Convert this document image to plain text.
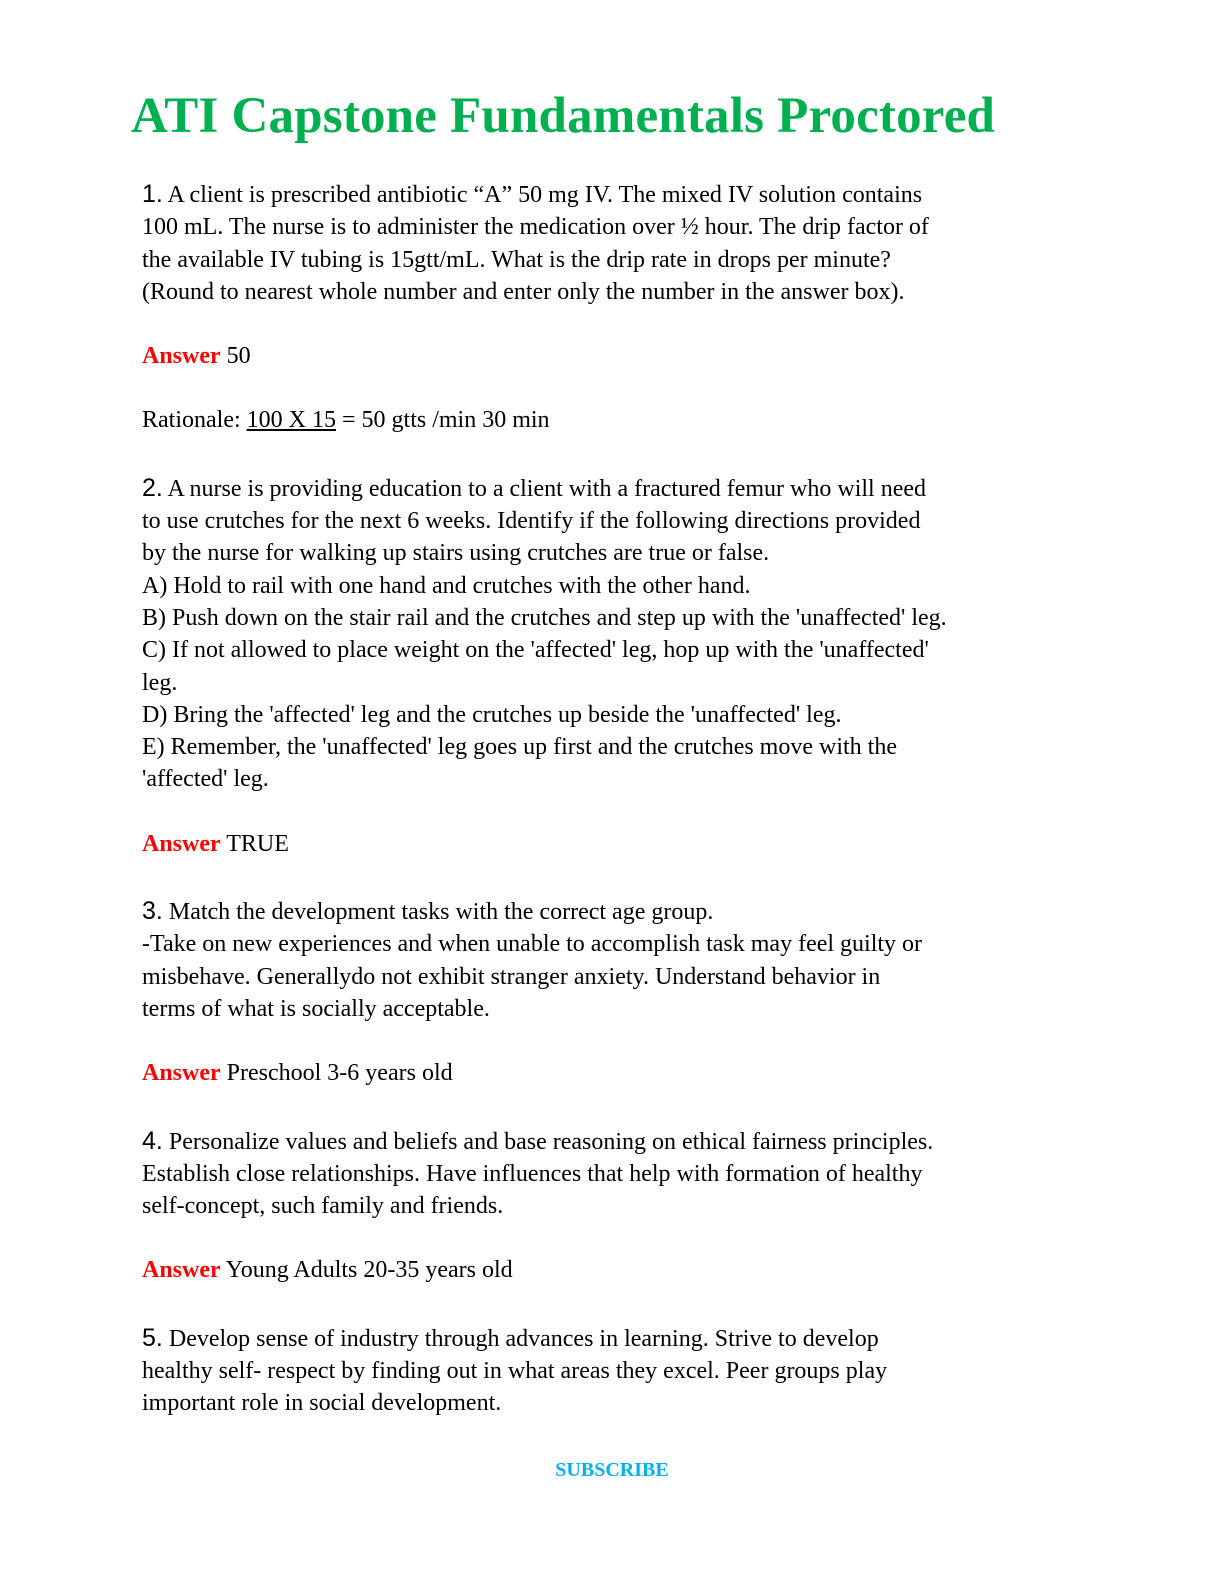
ATI Capstone Fundamentals Proctored

1. A client is prescribed antibiotic “A” 50 mg IV. The mixed IV solution contains

100 mL. The nurse is to administer the medication over ½ hour. The drip factor of

the available IV tubing is 15gtt/mL. What is the drip rate in drops per minute?

(Round to nearest whole number and enter only the number in the answer box).

Answer 50

Rationale: 100 X 15 = 50 gtts /min 30 min

2. A nurse is providing education to a client with a fractured femur who will need

to use crutches for the next 6 weeks. Identify if the following directions provided

by the nurse for walking up stairs using crutches are true or false.

A) Hold to rail with one hand and crutches with the other hand.

B) Push down on the stair rail and the crutches and step up with the 'unaffected' leg.

C) If not allowed to place weight on the 'affected' leg, hop up with the 'unaffected'

leg.

D) Bring the 'affected' leg and the crutches up beside the 'unaffected' leg.

E) Remember, the 'unaffected' leg goes up first and the crutches move with the

'affected' leg.

Answer TRUE

3. Match the development tasks with the correct age group.

-Take on new experiences and when unable to accomplish task may feel guilty or

misbehave. Generallydo not exhibit stranger anxiety. Understand behavior in

terms of what is socially acceptable.

Answer Preschool 3-6 years old

4. Personalize values and beliefs and base reasoning on ethical fairness principles.

Establish close relationships. Have influences that help with formation of healthy

self-concept, such family and friends.

Answer Young Adults 20-35 years old

5. Develop sense of industry through advances in learning. Strive to develop

healthy self- respect by finding out in what areas they excel. Peer groups play

important role in social development.

SUBSCRIBE
